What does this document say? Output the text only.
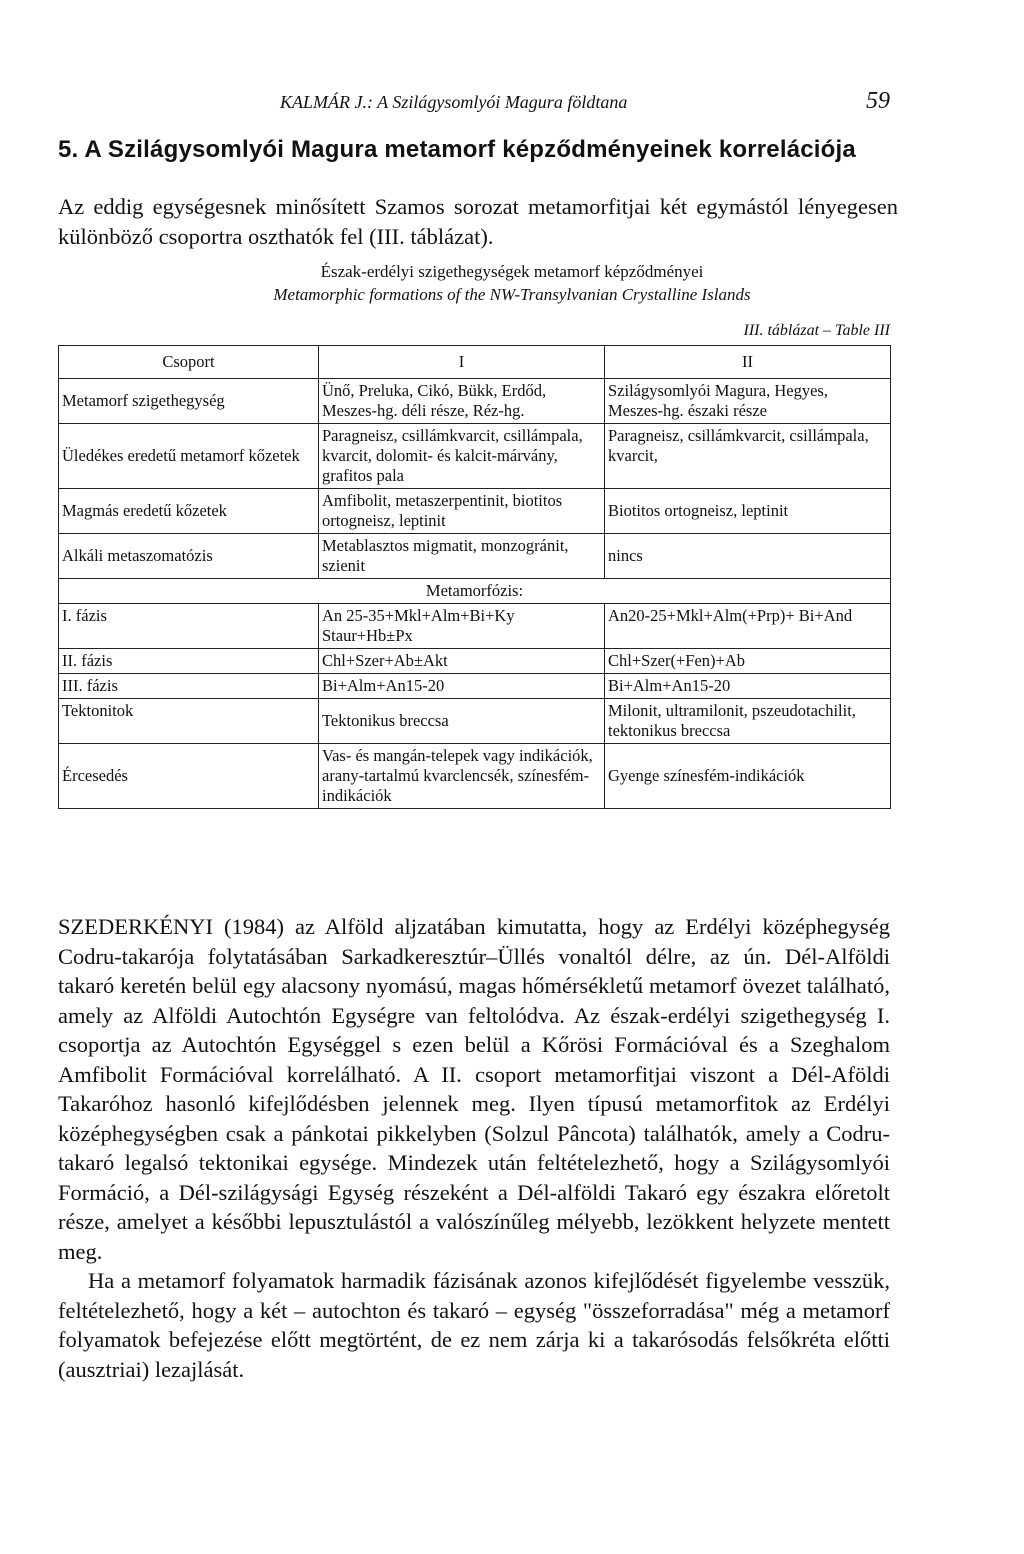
KALMÁR J.: A Szilágysomlyói Magura földtana	59
5. A Szilágysomlyói Magura metamorf képződményeinek korrelációja
Az eddig egységesnek minősített Szamos sorozat metamorfitjai két egymástól lényegesen különböző csoportra oszthatók fel (III. táblázat).
Észak-erdélyi szigethegységek metamorf képződményei
Metamorphic formations of the NW-Transylvanian Crystalline Islands
III. táblázat – Table III
Csoport	I	II
Metamorf szigethegység	Ünő, Preluka, Cikó, Bükk, Erdőd, Meszes-hg. déli része, Réz-hg.	Szilágysomlyói Magura, Hegyes, Meszes-hg. északi része
Üledékes eredetű metamorf kőzetek	Paragneisz, csillámkvarcit, csillámpala, kvarcit, dolomit- és kalcit-márvány, grafitos pala	Paragneisz, csillámkvarcit, csillámpala, kvarcit,
Magmás eredetű kőzetek	Amfibolit, metaszerpentinit, biotitos ortogneisz, leptinit	Biotitos ortogneisz, leptinit
Alkáli metaszomatózis	Metablasztos migmatit, monzogránit, szienit	nincs
Metamorfózis:		
I. fázis	An 25-35+Mkl+Alm+Bi+Ky Staur+Hb±Px	An20-25+Mkl+Alm(+Prp)+ Bi+And
II. fázis	Chl+Szer+Ab±Akt	Chl+Szer(+Fen)+Ab
III. fázis	Bi+Alm+An15-20	Bi+Alm+An15-20
Tektonitok	Tektonikus breccsa	Milonit, ultramilonit, pszeudotachilit, tektonikus breccsa
Ércesedés	Vas- és mangán-telepek vagy indikációk, arany-tartalmú kvarclencsék, színesfém-indikációk	Gyenge színesfém-indikációk

SZEDERKÉNYI (1984) az Alföld aljzatában kimutatta, hogy az Erdélyi középhegység Codru-takarója folytatásában Sarkadkeresztúr–Üllés vonaltól délre, az ún. Dél-Alföldi takaró keretén belül egy alacsony nyomású, magas hőmérsékletű metamorf övezet található, amely az Alföldi Autochtón Egységre van feltolódva. Az észak-erdélyi szigethegység I. csoportja az Autochtón Egységgel s ezen belül a Kőrösi Formációval és a Szeghalom Amfibolit Formációval korrelálható. A II. csoport metamorfitjai viszont a Dél-Aföldi Takaróhoz hasonló kifejlődésben jelennek meg. Ilyen típusú metamorfitok az Erdélyi középhegységben csak a pánkotai pikkelyben (Solzul Pâncota) találhatók, amely a Codru-takaró legalsó tektonikai egysége. Mindezek után feltételezhető, hogy a Szilágysomlyói Formáció, a Dél-szilágysági Egység részeként a Dél-alföldi Takaró egy északra előretolt része, amelyet a későbbi lepusztulástól a valószínűleg mélyebb, lezökkent helyzete mentett meg.

Ha a metamorf folyamatok harmadik fázisának azonos kifejlődését figyelembe vesszük, feltételezhető, hogy a két – autochton és takaró – egység "összeforradása" még a metamorf folyamatok befejezése előtt megtörtént, de ez nem zárja ki a takarósodás felsőkréta előtti (ausztriai) lezajlását.
